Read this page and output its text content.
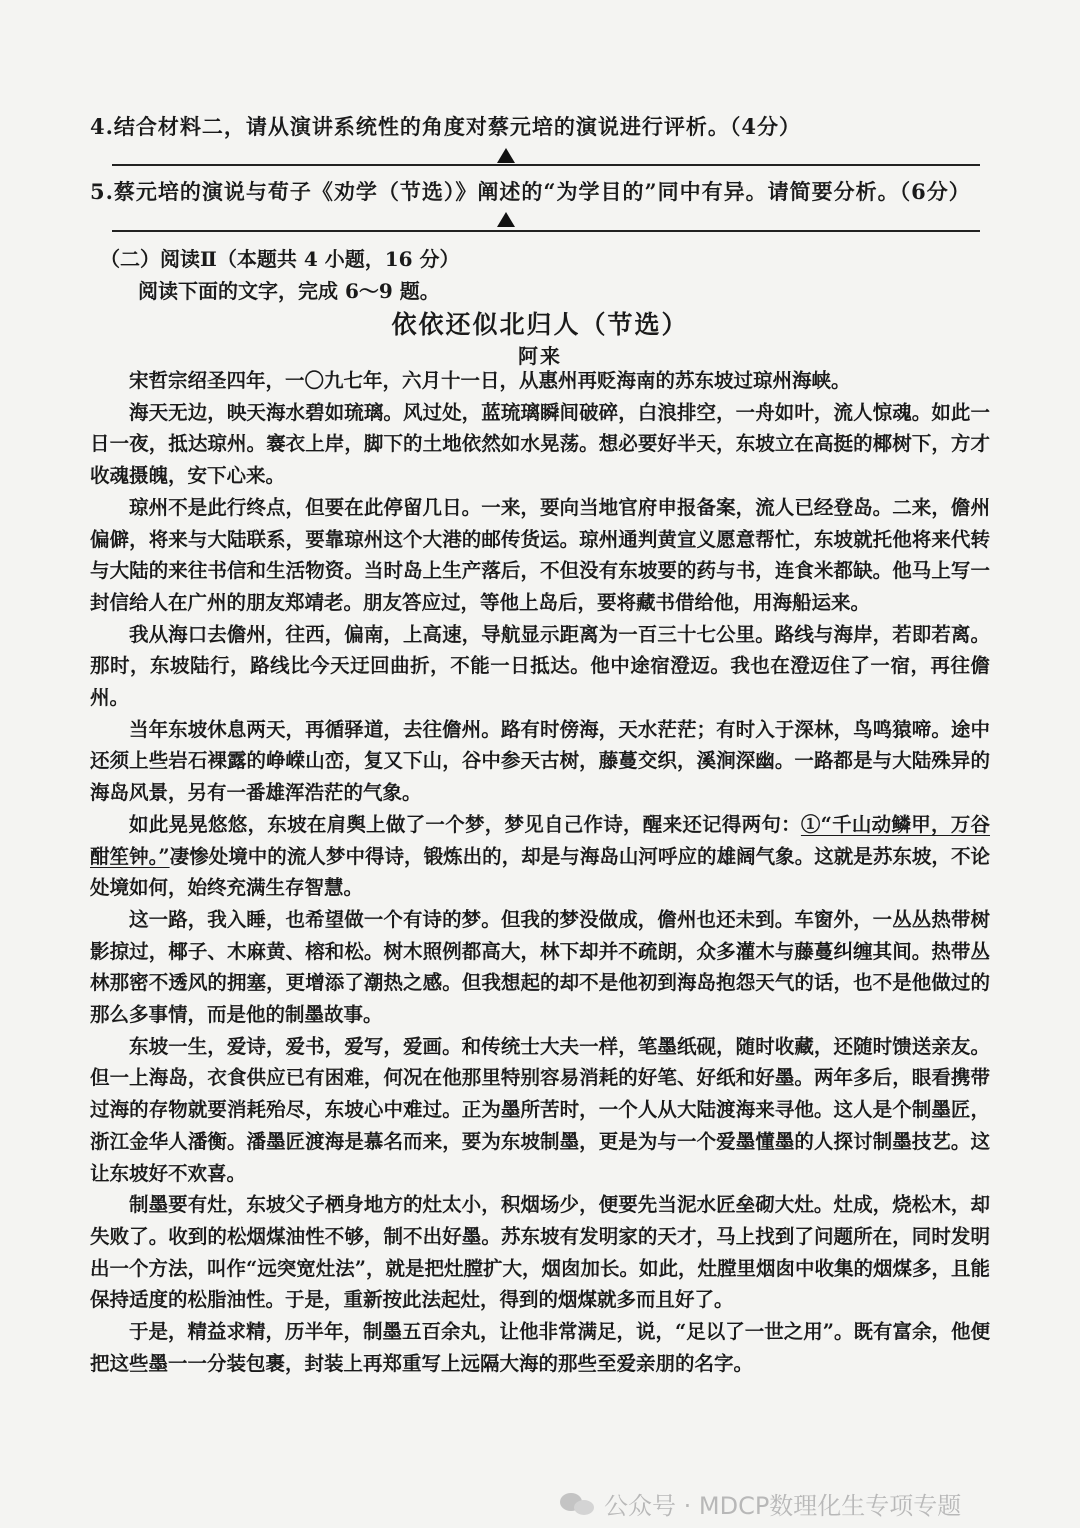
4.结合材料二，请从演讲系统性的角度对蔡元培的演说进行评析。（4分）
5.蔡元培的演说与荀子《劝学（节选）》阐述的“为学目的”同中有异。请简要分析。（6分）
（二）阅读Ⅱ（本题共 4 小题，16 分）
阅读下面的文字，完成 6～9 题。
依依还似北归人（节选）
阿来

宋哲宗绍圣四年，一〇九七年，六月十一日，从惠州再贬海南的苏东坡过琼州海峡。

海天无边，映天海水碧如琉璃。风过处，蓝琉璃瞬间破碎，白浪排空，一舟如叶，流人惊魂。如此一日一夜，抵达琼州。褰衣上岸，脚下的土地依然如水晃荡。想必要好半天，东坡立在高挺的椰树下，方才收魂摄魄，安下心来。

琼州不是此行终点，但要在此停留几日。一来，要向当地官府申报备案，流人已经登岛。二来，儋州偏僻，将来与大陆联系，要靠琼州这个大港的邮传货运。琼州通判黄宣义愿意帮忙，东坡就托他将来代转与大陆的来往书信和生活物资。当时岛上生产落后，不但没有东坡要的药与书，连食米都缺。他马上写一封信给人在广州的朋友郑靖老。朋友答应过，等他上岛后，要将藏书借给他，用海船运来。

我从海口去儋州，往西，偏南，上高速，导航显示距离为一百三十七公里。路线与海岸，若即若离。那时，东坡陆行，路线比今天迂回曲折，不能一日抵达。他中途宿澄迈。我也在澄迈住了一宿，再往儋州。

当年东坡休息两天，再循驿道，去往儋州。路有时傍海，天水茫茫；有时入于深林，鸟鸣猿啼。途中还须上些岩石裸露的峥嵘山峦，复又下山，谷中参天古树，藤蔓交织，溪涧深幽。一路都是与大陆殊异的海岛风景，另有一番雄浑浩茫的气象。

如此晃晃悠悠，东坡在肩舆上做了一个梦，梦见自己作诗，醒来还记得两句：①“千山动鳞甲，万谷酣笙钟。”凄惨处境中的流人梦中得诗，锻炼出的，却是与海岛山河呼应的雄阔气象。这就是苏东坡，不论处境如何，始终充满生存智慧。

这一路，我入睡，也希望做一个有诗的梦。但我的梦没做成，儋州也还未到。车窗外，一丛丛热带树影掠过，椰子、木麻黄、榕和松。树木照例都高大，林下却并不疏朗，众多灌木与藤蔓纠缠其间。热带丛林那密不透风的拥塞，更增添了潮热之感。但我想起的却不是他初到海岛抱怨天气的话，也不是他做过的那么多事情，而是他的制墨故事。

东坡一生，爱诗，爱书，爱写，爱画。和传统士大夫一样，笔墨纸砚，随时收藏，还随时馈送亲友。但一上海岛，衣食供应已有困难，何况在他那里特别容易消耗的好笔、好纸和好墨。两年多后，眼看携带过海的存物就要消耗殆尽，东坡心中难过。正为墨所苦时，一个人从大陆渡海来寻他。这人是个制墨匠，浙江金华人潘衡。潘墨匠渡海是慕名而来，要为东坡制墨，更是为与一个爱墨懂墨的人探讨制墨技艺。这让东坡好不欢喜。

制墨要有灶，东坡父子栖身地方的灶太小，积烟场少，便要先当泥水匠垒砌大灶。灶成，烧松木，却失败了。收到的松烟煤油性不够，制不出好墨。苏东坡有发明家的天才，马上找到了问题所在，同时发明出一个方法，叫作“远突宽灶法”，就是把灶膛扩大，烟囱加长。如此，灶膛里烟囱中收集的烟煤多，且能保持适度的松脂油性。于是，重新按此法起灶，得到的烟煤就多而且好了。

于是，精益求精，历半年，制墨五百余丸，让他非常满足，说，“足以了一世之用”。既有富余，他便把这些墨一一分装包裹，封装上再郑重写上远隔大海的那些至爱亲朋的名字。

公众号 · MDCP数理化生专项专题
